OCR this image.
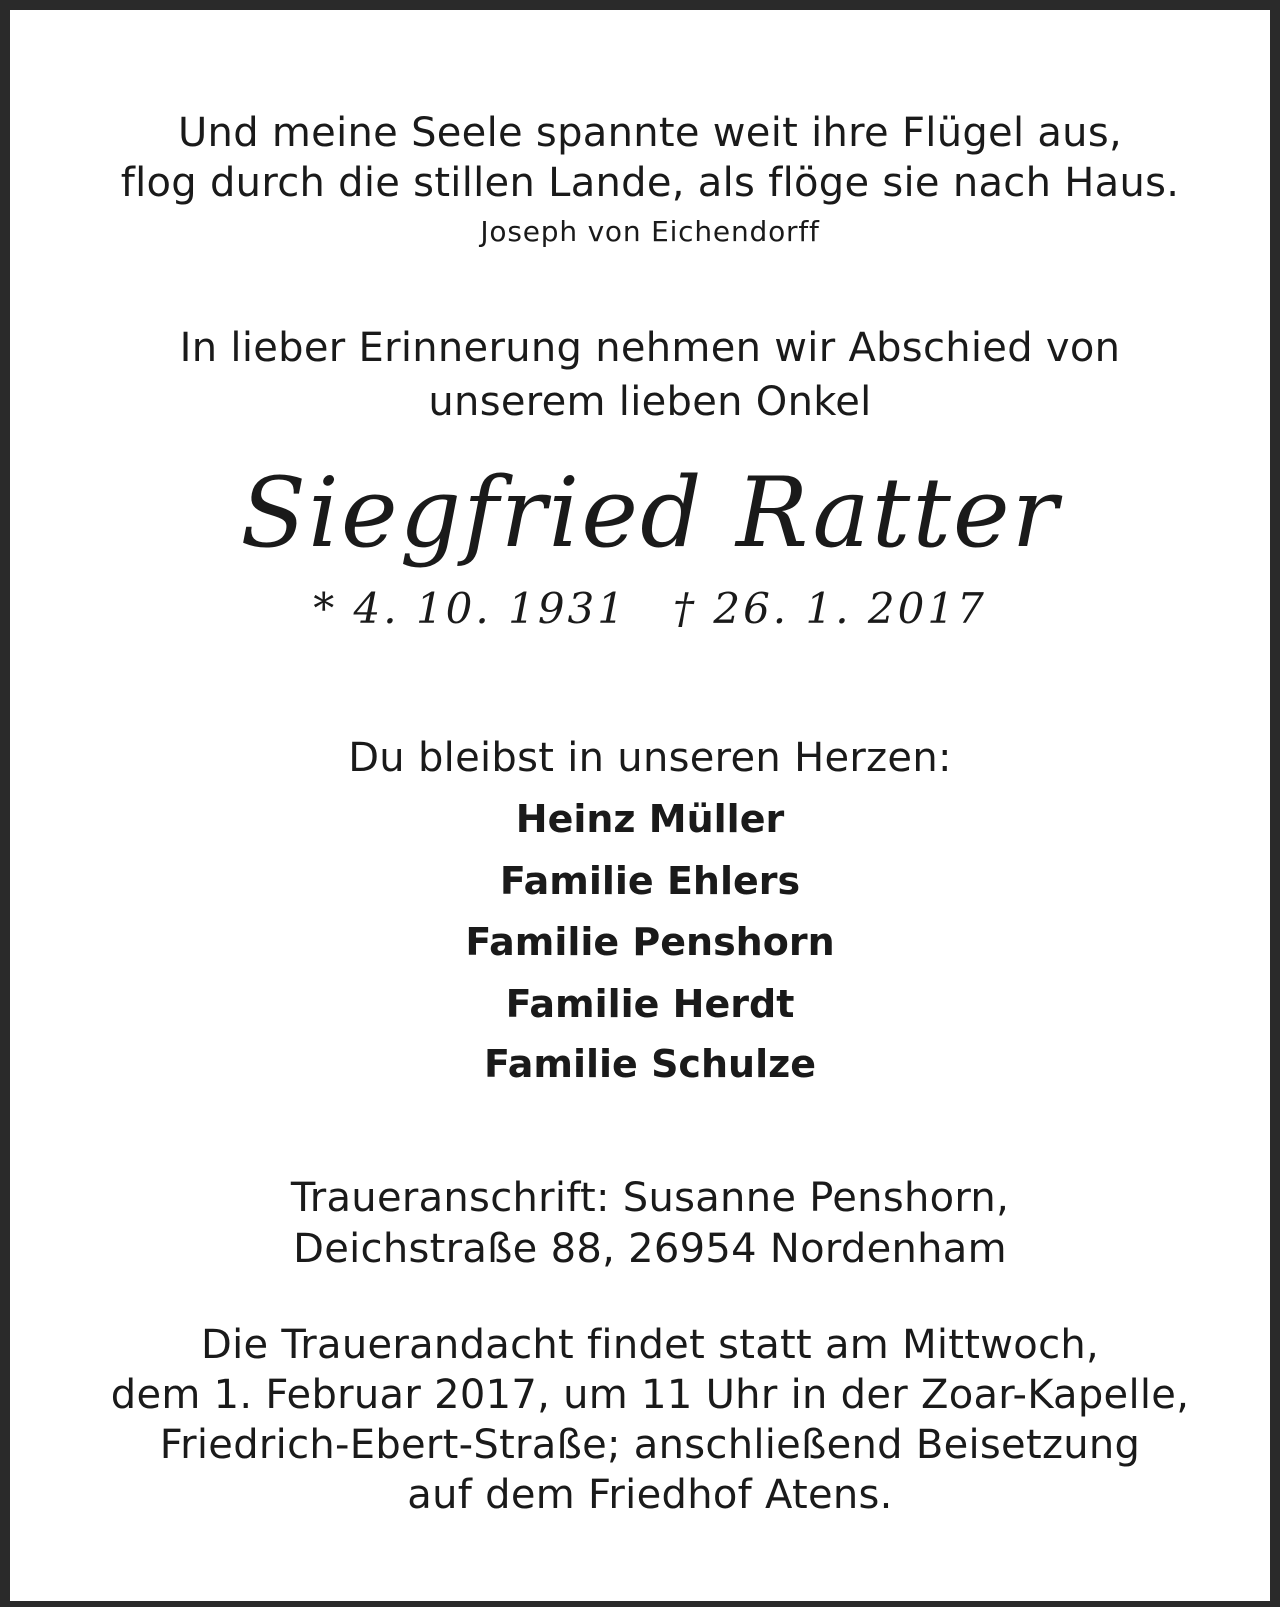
Und meine Seele spannte weit ihre Flügel aus,
flog durch die stillen Lande, als flöge sie nach Haus.
Joseph von Eichendorff
In lieber Erinnerung nehmen wir Abschied von
unserem lieben Onkel
Siegfried Ratter
* 4. 10. 1931 † 26. 1. 2017
Du bleibst in unseren Herzen:
Heinz Müller
Familie Ehlers
Familie Penshorn
Familie Herdt
Familie Schulze
Traueranschrift: Susanne Penshorn,
Deichstraße 88, 26954 Nordenham
Die Trauerandacht findet statt am Mittwoch,
dem 1. Februar 2017, um 11 Uhr in der Zoar-Kapelle,
Friedrich-Ebert-Straße; anschließend Beisetzung
auf dem Friedhof Atens.
